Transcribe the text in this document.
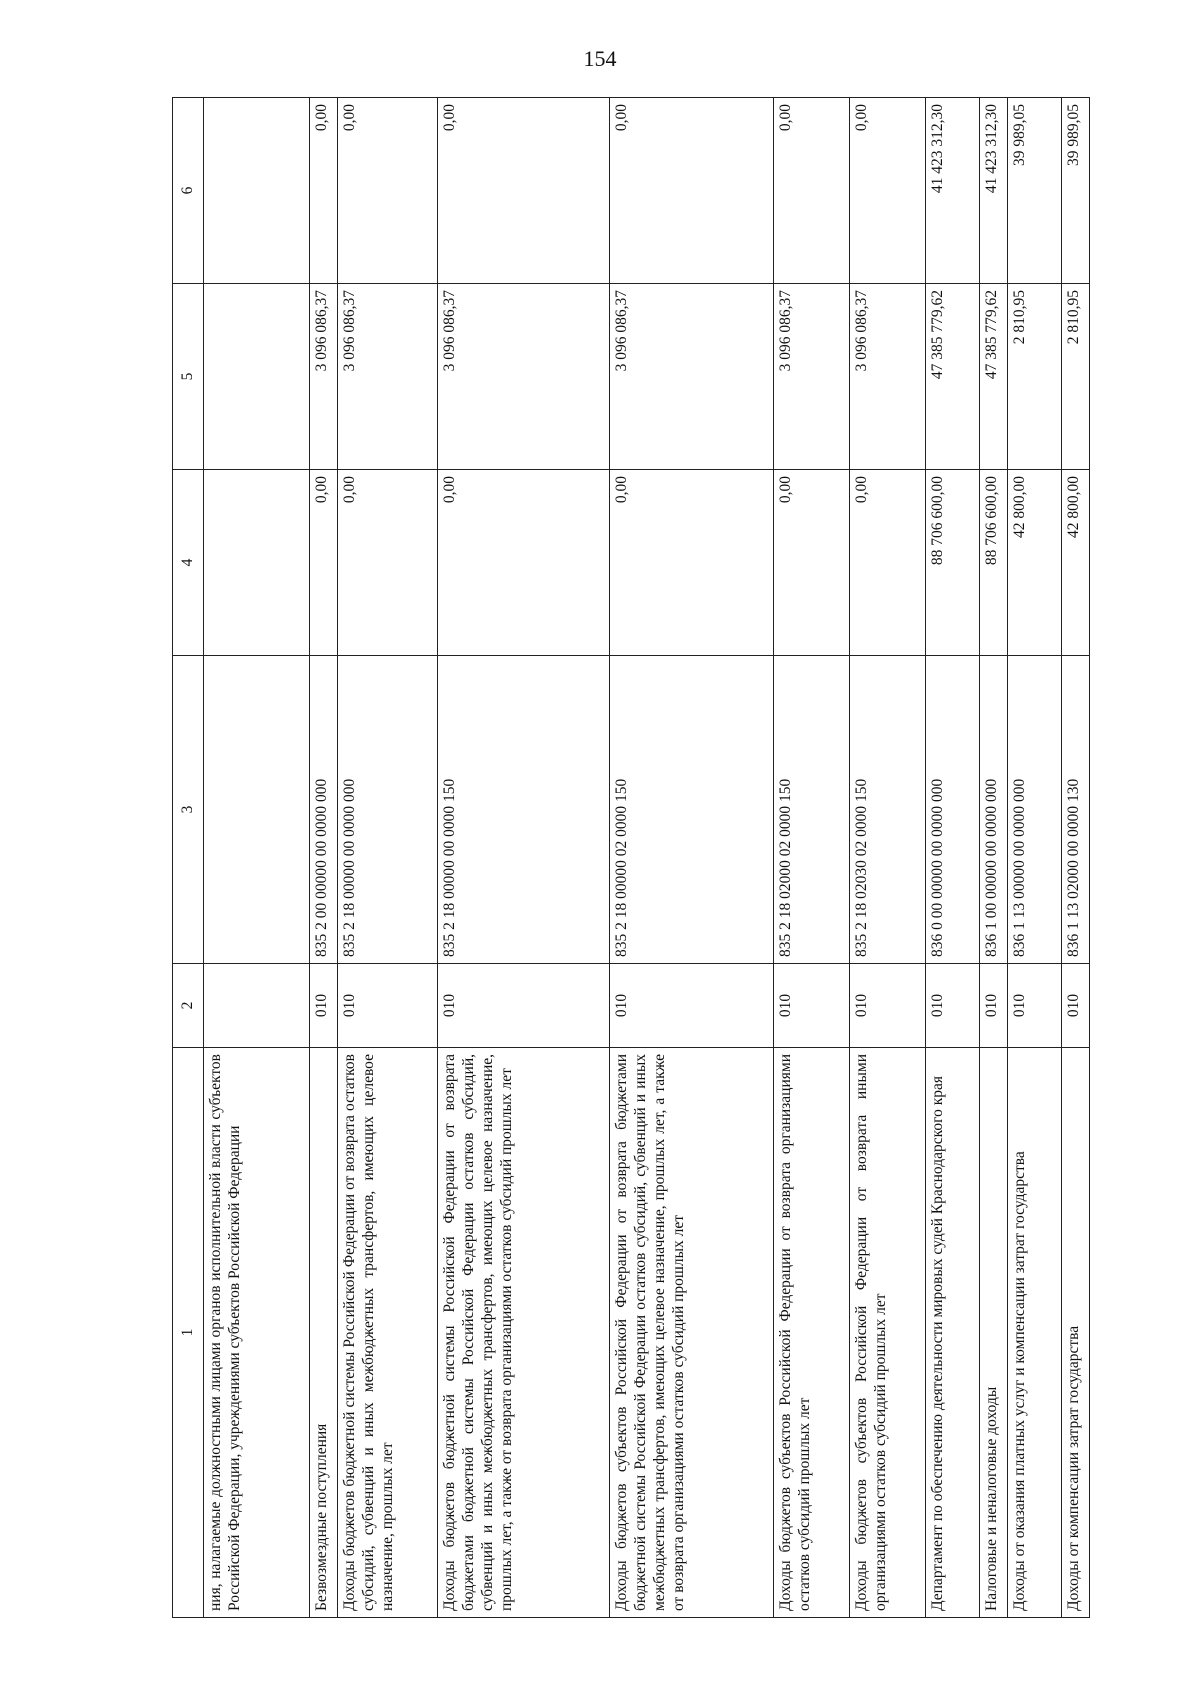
154
1	2	3	4	5	6
ния, налагаемые должностными лицами органов исполнительной власти субъектов Российской Федерации, учреждениями субъектов Российской Федерации					
Безвозмездные поступления	010	835 2 00 00000 00 0000 000	0,00	3 096 086,37	0,00
Доходы бюджетов бюджетной системы Российской Федерации от возврата остатков субсидий, субвенций и иных межбюджетных трансфертов, имеющих целевое назначение, прошлых лет	010	835 2 18 00000 00 0000 000	0,00	3 096 086,37	0,00
Доходы бюджетов бюджетной системы Российской Федерации от возврата бюджетами бюджетной системы Российской Федерации остатков субсидий, субвенций и иных межбюджетных трансфертов, имеющих целевое назначение, прошлых лет, а также от возврата организациями остатков субсидий прошлых лет	010	835 2 18 00000 00 0000 150	0,00	3 096 086,37	0,00
Доходы бюджетов субъектов Российской Федерации от возврата бюджетами бюджетной системы Российской Федерации остатков субсидий, субвенций и иных межбюджетных трансфертов, имеющих целевое назначение, прошлых лет, а также от возврата организациями остатков субсидий прошлых лет	010	835 2 18 00000 02 0000 150	0,00	3 096 086,37	0,00
Доходы бюджетов субъектов Российской Федерации от возврата организациями остатков субсидий прошлых лет	010	835 2 18 02000 02 0000 150	0,00	3 096 086,37	0,00
Доходы бюджетов субъектов Российской Федерации от возврата иными организациями остатков субсидий прошлых лет	010	835 2 18 02030 02 0000 150	0,00	3 096 086,37	0,00
Департамент по обеспечению деятельности мировых судей Краснодарского края	010	836 0 00 00000 00 0000 000	88 706 600,00	47 385 779,62	41 423 312,30
Налоговые и неналоговые доходы	010	836 1 00 00000 00 0000 000	88 706 600,00	47 385 779,62	41 423 312,30
Доходы от оказания платных услуг и компенсации затрат государства	010	836 1 13 00000 00 0000 000	42 800,00	2 810,95	39 989,05
Доходы от компенсации затрат государства	010	836 1 13 02000 00 0000 130	42 800,00	2 810,95	39 989,05
